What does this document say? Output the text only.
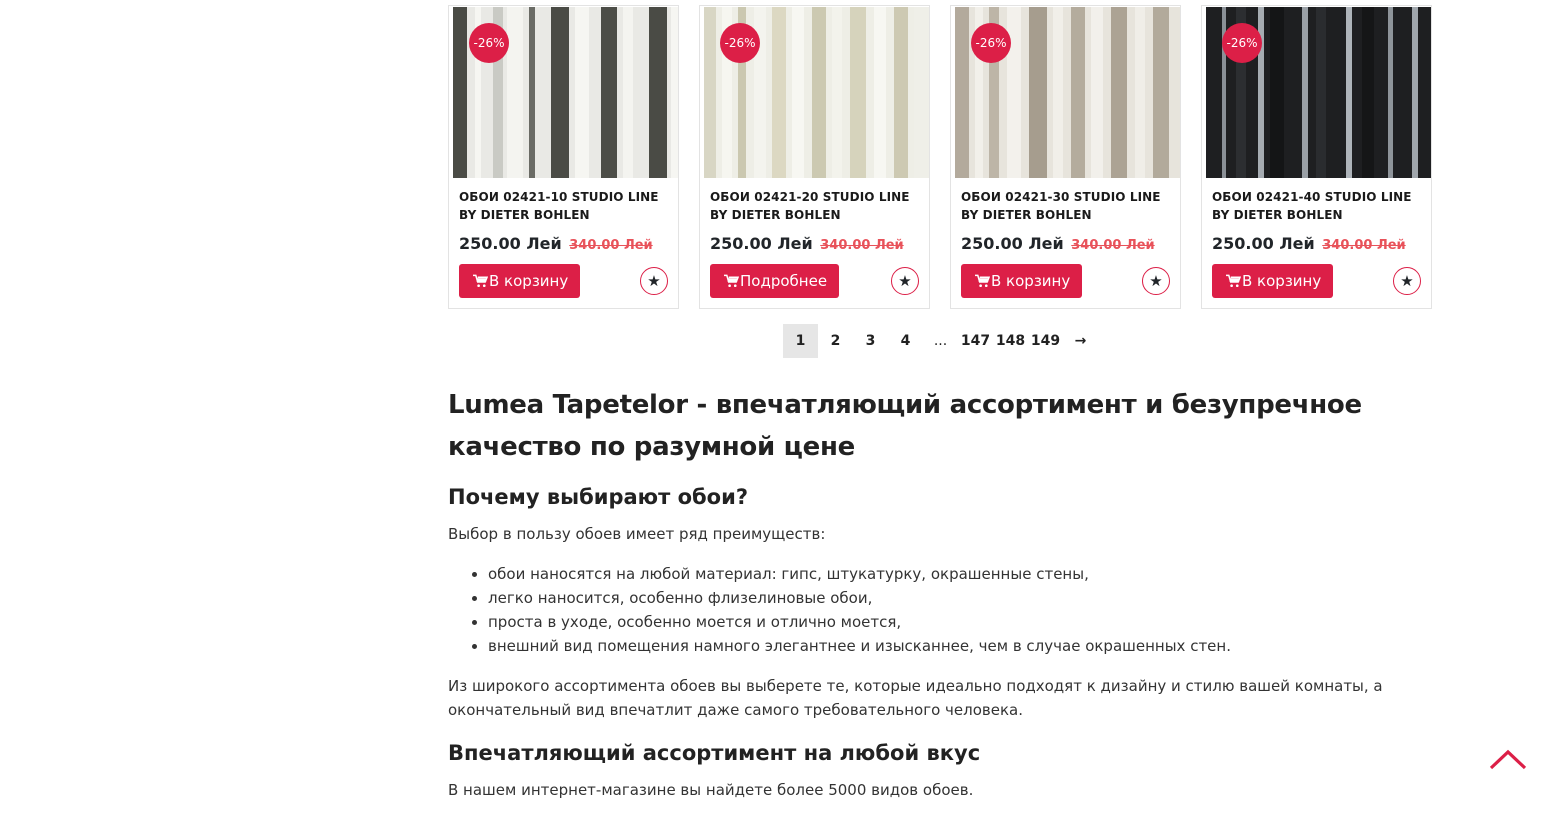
-26%
ОБОИ 02421-10 STUDIO LINE BY DIETER BOHLEN
250.00 Лей 340.00 Лей
В корзину	★
-26%
ОБОИ 02421-20 STUDIO LINE BY DIETER BOHLEN
250.00 Лей 340.00 Лей
Подробнее	★
-26%
ОБОИ 02421-30 STUDIO LINE BY DIETER BOHLEN
250.00 Лей 340.00 Лей
В корзину	★
-26%
ОБОИ 02421-40 STUDIO LINE BY DIETER BOHLEN
250.00 Лей 340.00 Лей
В корзину	★
1	2	3	4	... 147 148 149	→
Lumea Tapetelor - впечатляющий ассортимент и безупречное качество по разумной цене
Почему выбирают обои?

Выбор в пользу обоев имеет ряд преимуществ:

• обои наносятся на любой материал: гипс, штукатурку, окрашенные стены,
• легко наносится, особенно флизелиновые обои,
• проста в уходе, особенно моется и отлично моется,
• внешний вид помещения намного элегантнее и изысканнее, чем в случае окрашенных стен.

Из широкого ассортимента обоев вы выберете те, которые идеально подходят к дизайну и стилю вашей комнаты, а окончательный вид впечатлит даже самого требовательного человека.

Впечатляющий ассортимент на любой вкус

В нашем интернет-магазине вы найдете более 5000 видов обоев.
